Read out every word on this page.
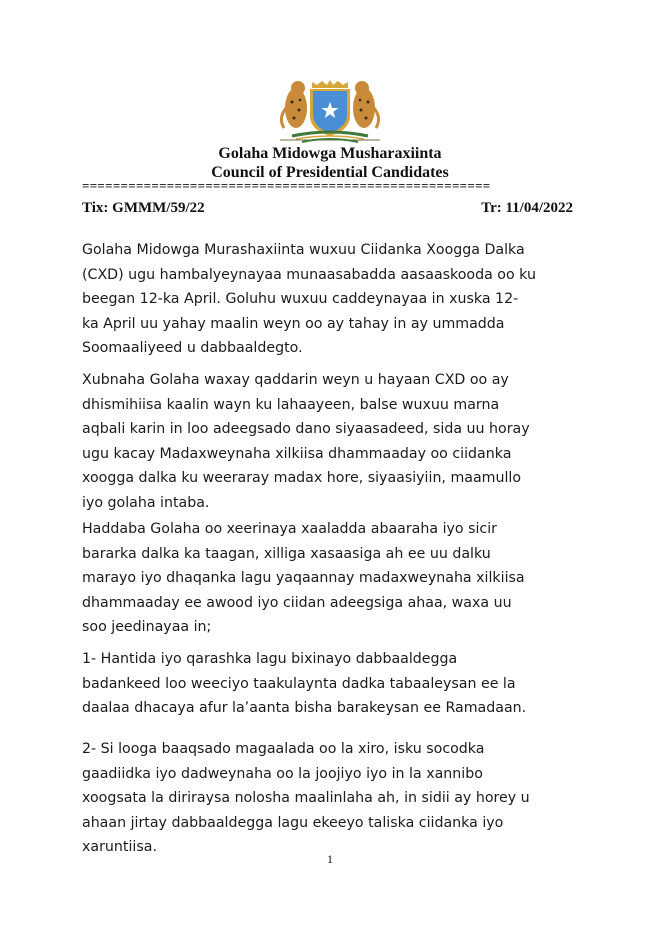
Golaha Midowga Musharaxiinta
Council of Presidential Candidates
=====================================================
Tix: GMMM/59/22	Tr: 11/04/2022
Golaha Midowga Murashaxiinta wuxuu Ciidanka Xoogga Dalka
(CXD) ugu hambalyeynayaa munaasabadda aasaaskooda oo ku
beegan 12-ka April. Goluhu wuxuu caddeynayaa in xuska 12-
ka April uu yahay maalin weyn oo ay tahay in ay ummadda
Soomaaliyeed u dabbaaldegto.
Xubnaha Golaha waxay qaddarin weyn u hayaan CXD oo ay
dhismihiisa kaalin wayn ku lahaayeen, balse wuxuu marna
aqbali karin in loo adeegsado dano siyaasadeed, sida uu horay
ugu kacay Madaxweynaha xilkiisa dhammaaday oo ciidanka
xoogga dalka ku weeraray madax hore, siyaasiyiin, maamullo
iyo golaha intaba.
Haddaba Golaha oo xeerinaya xaaladda abaaraha iyo sicir
bararka dalka ka taagan, xilliga xasaasiga ah ee uu dalku
marayo iyo dhaqanka lagu yaqaannay madaxweynaha xilkiisa
dhammaaday ee awood iyo ciidan adeegsiga ahaa, waxa uu
soo jeedinayaa in;
1- Hantida iyo qarashka lagu bixinayo dabbaaldegga
badankeed loo weeciyo taakulaynta dadka tabaaleysan ee la
daalaa dhacaya afur la’aanta bisha barakeysan ee Ramadaan.
2- Si looga baaqsado magaalada oo la xiro, isku socodka
gaadiidka iyo dadweynaha oo la joojiyo iyo in la xannibo
xoogsata la diriraysa nolosha maalinlaha ah, in sidii ay horey u
ahaan jirtay dabbaaldegga lagu ekeeyo taliska ciidanka iyo
xaruntiisa.
1
